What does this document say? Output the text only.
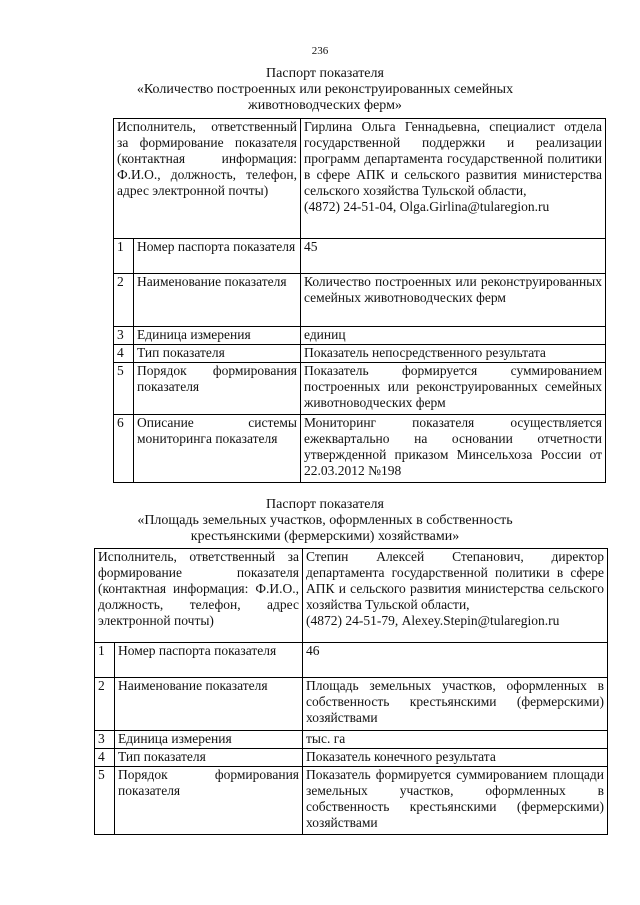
236
Паспорт показателя
«Количество построенных или реконструированных семейных
животноводческих ферм»
Исполнитель, ответственный за формирование показателя (контактная информация: Ф.И.О., должность, телефон, адрес электронной почты)		Гирлина Ольга Геннадьевна, специалист отдела государственной поддержки и реализации программ департамента государственной политики в сфере АПК и сельского развития министерства сельского хозяйства Тульской области,
(4872) 24-51-04, Olga.Girlina@tularegion.ru
1	Номер паспорта показателя	45
2	Наименование показателя	Количество построенных или реконструированных семейных животноводческих ферм
3	Единица измерения	единиц
4	Тип показателя	Показатель непосредственного результата
5	Порядок формирования показателя	Показатель формируется суммированием построенных или реконструированных семейных животноводческих ферм
6	Описание системы мониторинга показателя	Мониторинг показателя осуществляется ежеквартально на основании отчетности утвержденной приказом Минсельхоза России от 22.03.2012 №198
Паспорт показателя
«Площадь земельных участков, оформленных в собственность
крестьянскими (фермерскими) хозяйствами»
Исполнитель, ответственный за формирование показателя (контактная информация: Ф.И.О., должность, телефон, адрес электронной почты)		Степин Алексей Степанович, директор департамента государственной политики в сфере АПК и сельского развития министерства сельского хозяйства Тульской области,
(4872) 24-51-79, Alexey.Stepin@tularegion.ru
1	Номер паспорта показателя	46
2	Наименование показателя	Площадь земельных участков, оформленных в собственность крестьянскими (фермерскими) хозяйствами
3	Единица измерения	тыс. га
4	Тип показателя	Показатель конечного результата
5	Порядок формирования показателя	Показатель формируется суммированием площади земельных участков, оформленных в собственность крестьянскими (фермерскими) хозяйствами
